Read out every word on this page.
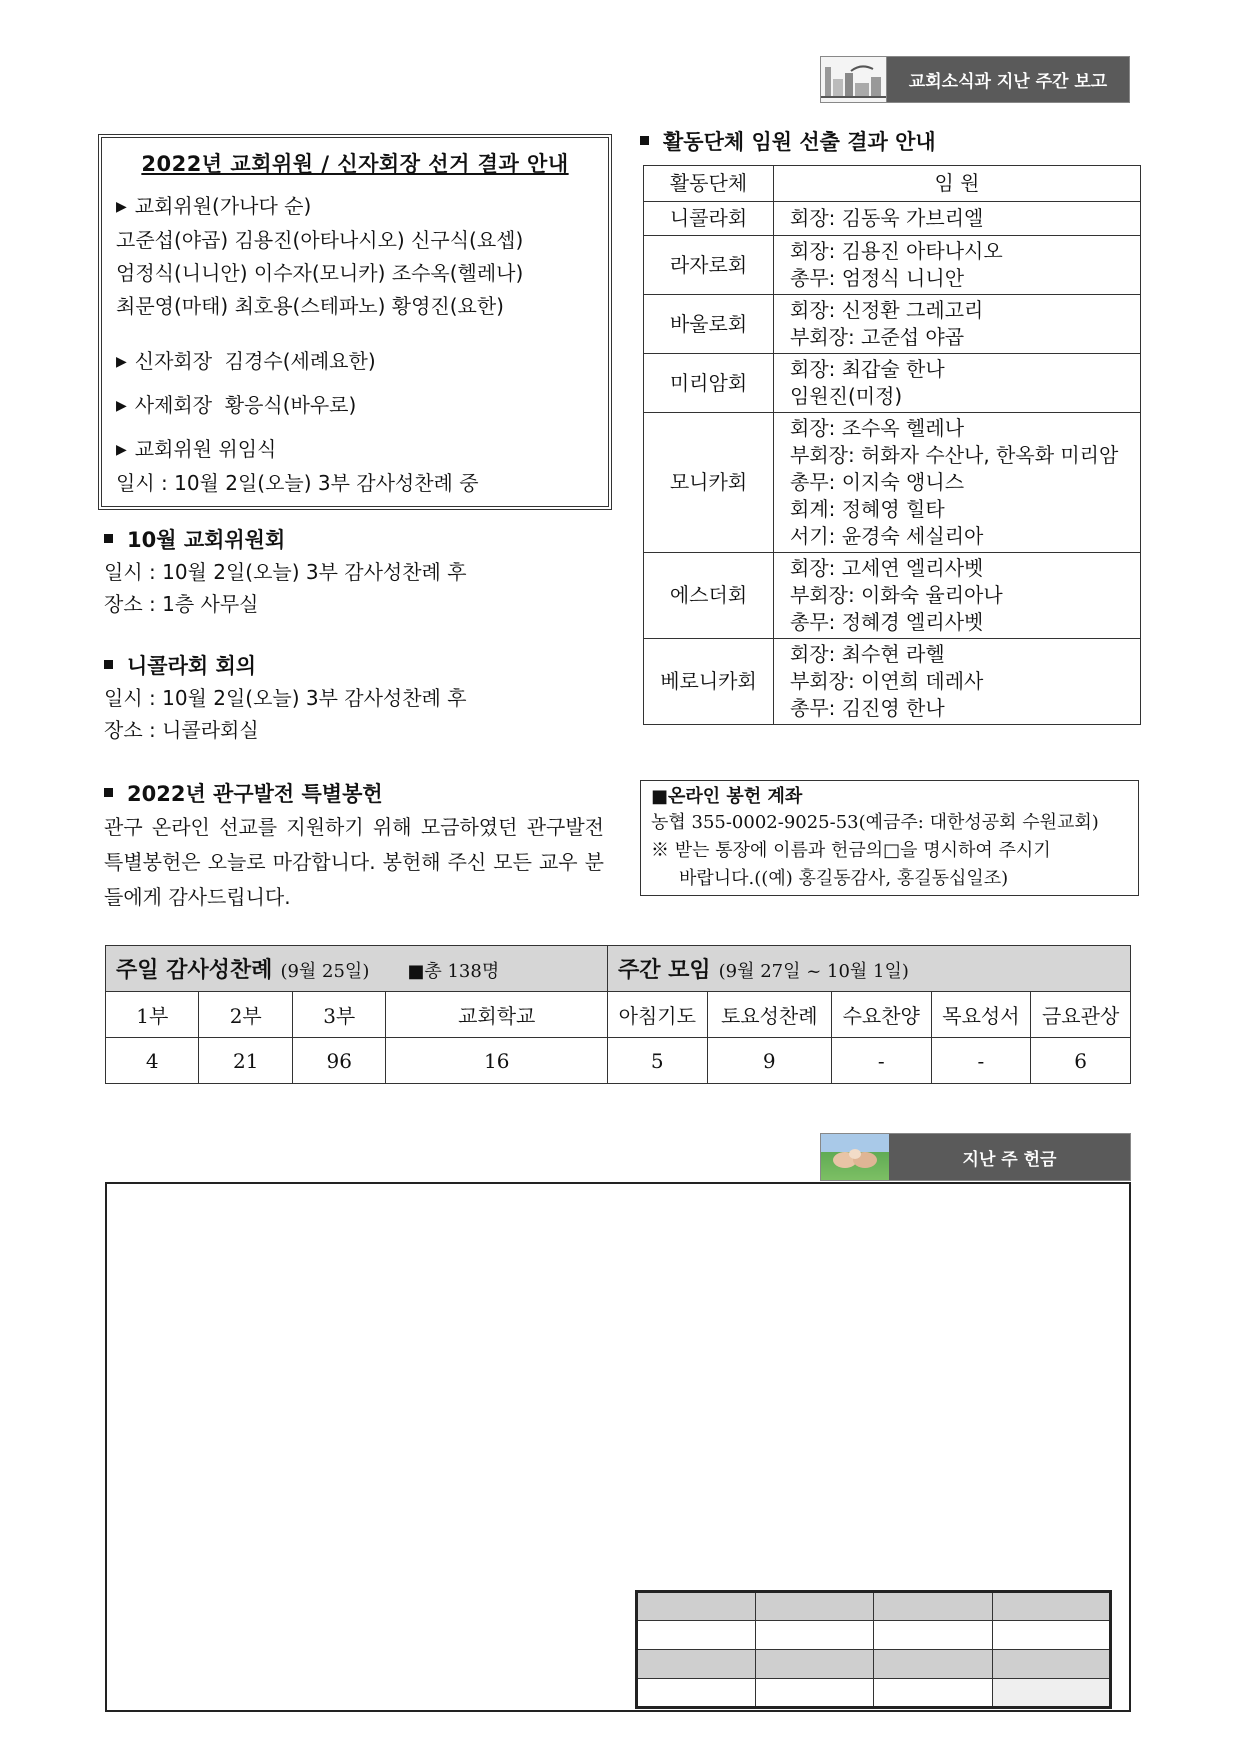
교회소식과 지난 주간 보고
2022년 교회위원 / 신자회장 선거 결과 안내
▶ 교회위원(가나다 순)
고준섭(야곱) 김용진(아타나시오) 신구식(요셉)
엄정식(니니안) 이수자(모니카) 조수옥(헬레나)
최문영(마태) 최호용(스테파노) 황영진(요한)
▶ 신자회장  김경수(세례요한)
▶ 사제회장  황응식(바우로)
▶ 교회위원 위임식
일시 : 10월 2일(오늘) 3부 감사성찬례 중
10월 교회위원회
일시 : 10월 2일(오늘) 3부 감사성찬례 후
장소 : 1층 사무실
니콜라회 회의
일시 : 10월 2일(오늘) 3부 감사성찬례 후
장소 : 니콜라회실
2022년 관구발전 특별봉헌
관구 온라인 선교를 지원하기 위해 모금하였던 관구발전 특별봉헌은 오늘로 마감합니다. 봉헌해 주신 모든 교우 분들에게 감사드립니다.
활동단체 임원 선출 결과 안내
활동단체	임 원
니콜라회	회장: 김동욱 가브리엘

라자로회	회장: 김용진 아타나시오
총무: 엄정식 니니안

바울로회	회장: 신정환 그레고리
부회장: 고준섭 야곱

미리암회	회장: 최갑술 한나
임원진(미정)

모니카회	회장: 조수옥 헬레나
부회장: 허화자 수산나, 한옥화 미리암
총무: 이지숙 앵니스
회계: 정혜영 힐타
서기: 윤경숙 세실리아

에스더회	회장: 고세연 엘리사벳
부회장: 이화숙 율리아나
총무: 정혜경 엘리사벳

베로니카회	회장: 최수현 라헬
부회장: 이연희 데레사
총무: 김진영 한나
■온라인 봉헌 계좌
농협 355-0002-9025-53(예금주: 대한성공회 수원교회)
※ 받는 통장에 이름과 헌금의□을 명시하여 주시기
바랍니다.((예) 홍길동감사, 홍길동십일조)
주일 감사성찬례 (9월 25일) ■총 138명				주간 모임 (9월 27일 ~ 10월 1일)				
1부	2부	3부	교회학교	아침기도	토요성찬례	수요찬양	목요성서	금요관상
4	21	96	16	5	9	-	-	6
지난 주 헌금
